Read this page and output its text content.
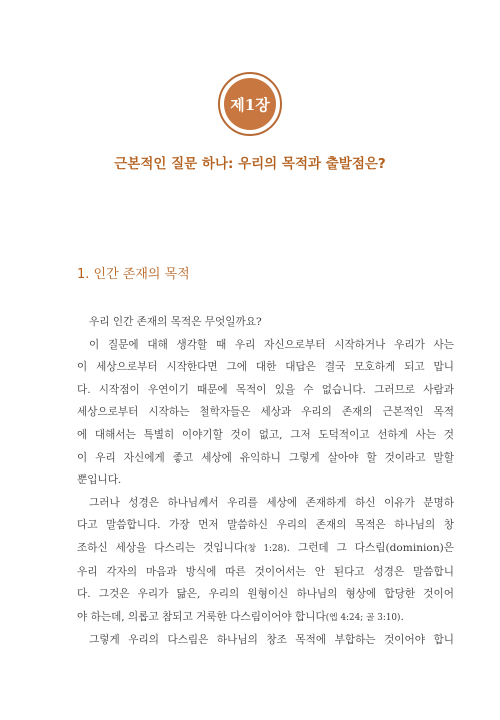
제1장
근본적인 질문 하나: 우리의 목적과 출발점은?
1. 인간 존재의 목적
우리 인간 존재의 목적은 무엇일까요?
이 질문에 대해 생각할 때 우리 자신으로부터 시작하거나 우리가 사는
이 세상으로부터 시작한다면 그에 대한 대답은 결국 모호하게 되고 맙니
다. 시작점이 우연이기 때문에 목적이 있을 수 없습니다. 그러므로 사람과
세상으로부터 시작하는 철학자들은 세상과 우리의 존재의 근본적인 목적
에 대해서는 특별히 이야기할 것이 없고, 그저 도덕적이고 선하게 사는 것
이 우리 자신에게 좋고 세상에 유익하니 그렇게 살아야 할 것이라고 말할
뿐입니다.
그러나 성경은 하나님께서 우리를 세상에 존재하게 하신 이유가 분명하
다고 말씀합니다. 가장 먼저 말씀하신 우리의 존재의 목적은 하나님의 창
조하신 세상을 다스리는 것입니다(창 1:28). 그런데 그 다스림(dominion)은
우리 각자의 마음과 방식에 따른 것이어서는 안 된다고 성경은 말씀합니
다. 그것은 우리가 닮은, 우리의 원형이신 하나님의 형상에 합당한 것이어
야 하는데, 의롭고 참되고 거룩한 다스림이어야 합니다(엡 4:24; 골 3:10).
그렇게 우리의 다스림은 하나님의 창조 목적에 부합하는 것이어야 합니
